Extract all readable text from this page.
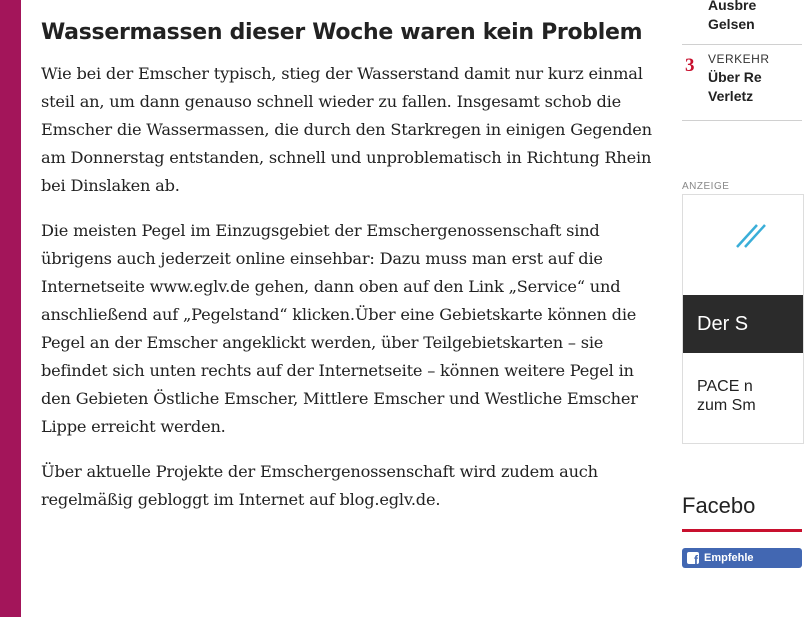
Wassermassen dieser Woche waren kein Problem

Wie bei der Emscher typisch, stieg der Wasserstand damit nur kurz einmal steil an, um dann genauso schnell wieder zu fallen. Insgesamt schob die Emscher die Wassermassen, die durch den Starkregen in einigen Gegenden am Donnerstag entstanden, schnell und unproblematisch in Richtung Rhein bei Dinslaken ab.

Die meisten Pegel im Einzugsgebiet der Emschergenossenschaft sind übrigens auch jederzeit online einsehbar: Dazu muss man erst auf die Internetseite www.eglv.de gehen, dann oben auf den Link „Service“ und anschließend auf „Pegelstand“ klicken.Über eine Gebietskarte können die Pegel an der Emscher angeklickt werden, über Teilgebietskarten – sie befindet sich unten rechts auf der Internetseite – können weitere Pegel in den Gebieten Östliche Emscher, Mittlere Emscher und Westliche Emscher Lippe erreicht werden.

Über aktuelle Projekte der Emschergenossenschaft wird zudem auch regelmäßig gebloggt im Internet auf blog.eglv.de.

Ausbre
Gelsen
3 VERKEHR
Über Re
Verletz
ANZEIGE
Der S
PACE n
zum Sm
Facebo
f Empfehle
